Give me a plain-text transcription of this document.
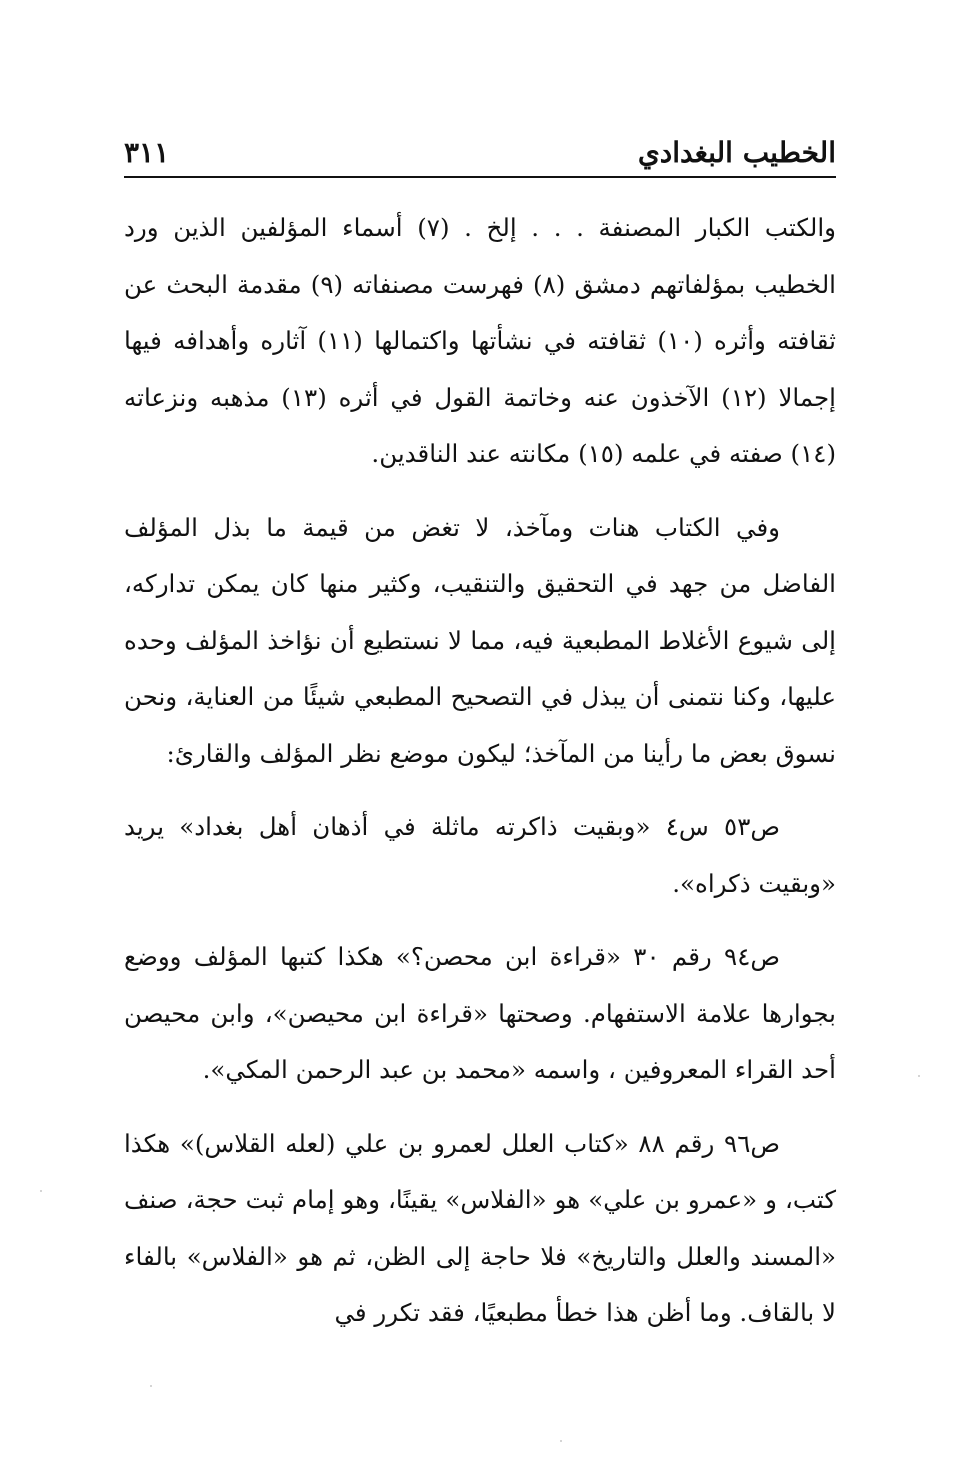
الخطيب البغدادي
٣١١

والكتب الكبار المصنفة . . . إلخ . (٧) أسماء المؤلفين الذين ورد الخطيب بمؤلفاتهم دمشق (٨) فهرست مصنفاته (٩) مقدمة البحث عن ثقافته وأثره (١٠) ثقافته في نشأتها واكتمالها (١١) آثاره وأهدافه فيها إجمالا (١٢) الآخذون عنه وخاتمة القول في أثره (١٣) مذهبه ونزعاته (١٤) صفته في علمه (١٥) مكانته عند الناقدين.

وفي الكتاب هنات ومآخذ، لا تغض من قيمة ما بذل المؤلف الفاضل من جهد في التحقيق والتنقيب، وكثير منها كان يمكن تداركه، إلى شيوع الأغلاط المطبعية فيه، مما لا نستطيع أن نؤاخذ المؤلف وحده عليها، وكنا نتمنى أن يبذل في التصحيح المطبعي شيئًا من العناية، ونحن نسوق بعض ما رأينا من المآخذ؛ ليكون موضع نظر المؤلف والقارئ:

ص٥٣ س٤ «وبقيت ذاكرته ماثلة في أذهان أهل بغداد» يريد «وبقيت ذكراه».

ص٩٤ رقم ٣٠ «قراءة ابن محصن؟» هكذا كتبها المؤلف ووضع بجوارها علامة الاستفهام. وصحتها «قراءة ابن محيصن»، وابن محيصن أحد القراء المعروفين ، واسمه «محمد بن عبد الرحمن المكي».

ص٩٦ رقم ٨٨ «كتاب العلل لعمرو بن علي (لعله القلاس)» هكذا كتب، و «عمرو بن علي» هو «الفلاس» يقينًا، وهو إمام ثبت حجة، صنف «المسند والعلل والتاريخ» فلا حاجة إلى الظن، ثم هو «الفلاس» بالفاء لا بالقاف. وما أظن هذا خطأ مطبعيًا، فقد تكرر في
